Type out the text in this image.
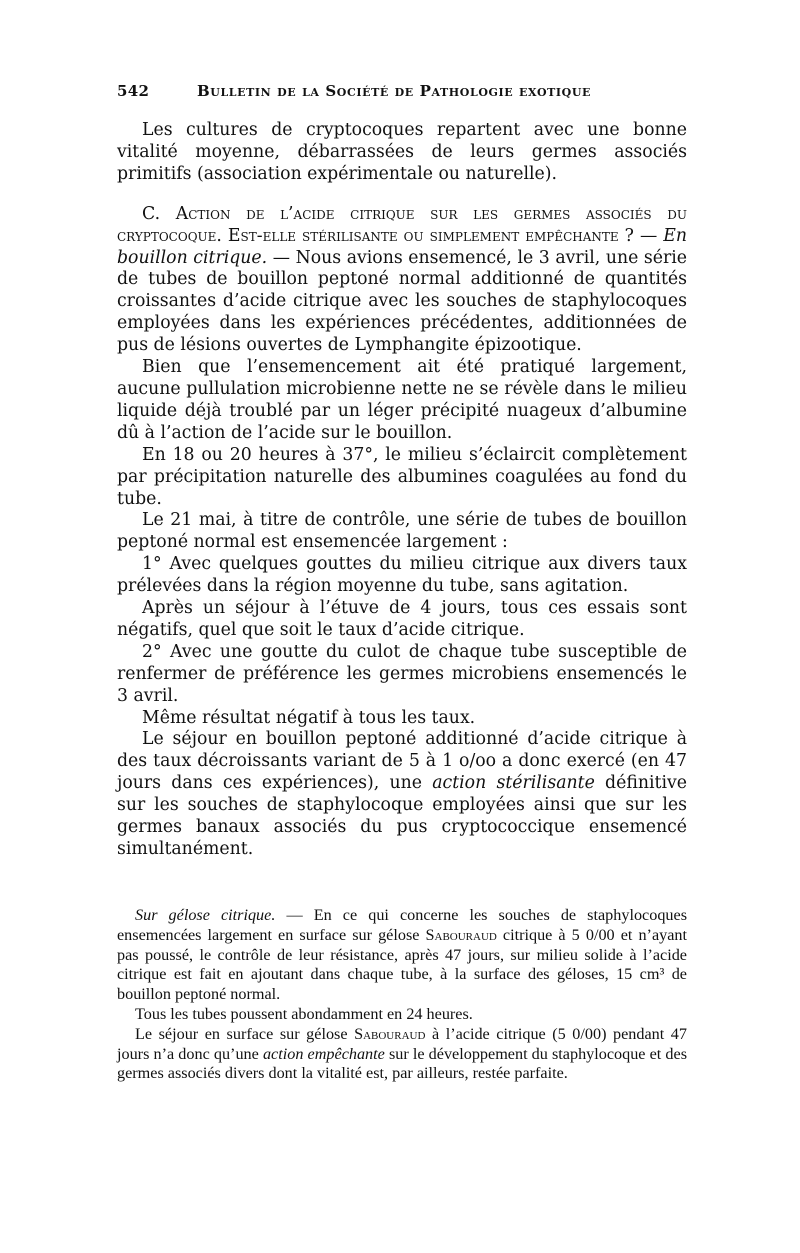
542	Bulletin de la Société de Pathologie exotique

Les cultures de cryptocoques repartent avec une bonne vitalité moyenne, débarrassées de leurs germes associés primitifs (association expérimentale ou naturelle).

C. Action de l’acide citrique sur les germes associés du cryptocoque. Est-elle stérilisante ou simplement empêchante ? — En bouillon citrique. — Nous avions ensemencé, le 3 avril, une série de tubes de bouillon peptoné normal additionné de quantités croissantes d’acide citrique avec les souches de staphylocoques employées dans les expériences précédentes, additionnées de pus de lésions ouvertes de Lymphangite épizootique.

Bien que l’ensemencement ait été pratiqué largement, aucune pullulation microbienne nette ne se révèle dans le milieu liquide déjà troublé par un léger précipité nuageux d’albumine dû à l’action de l’acide sur le bouillon.

En 18 ou 20 heures à 37°, le milieu s’éclaircit complètement par précipitation naturelle des albumines coagulées au fond du tube.

Le 21 mai, à titre de contrôle, une série de tubes de bouillon peptoné normal est ensemencée largement :

1° Avec quelques gouttes du milieu citrique aux divers taux prélevées dans la région moyenne du tube, sans agitation.

Après un séjour à l’étuve de 4 jours, tous ces essais sont négatifs, quel que soit le taux d’acide citrique.

2° Avec une goutte du culot de chaque tube susceptible de renfermer de préférence les germes microbiens ensemencés le 3 avril.

Même résultat négatif à tous les taux.

Le séjour en bouillon peptoné additionné d’acide citrique à des taux décroissants variant de 5 à 1 o/oo a donc exercé (en 47 jours dans ces expériences), une action stérilisante définitive sur les souches de staphylocoque employées ainsi que sur les germes banaux associés du pus cryptococcique ensemencé simultanément.

Sur gélose citrique. — En ce qui concerne les souches de staphylocoques ensemencées largement en surface sur gélose Sabouraud citrique à 5 0/00 et n’ayant pas poussé, le contrôle de leur résistance, après 47 jours, sur milieu solide à l’acide citrique est fait en ajoutant dans chaque tube, à la surface des géloses, 15 cm³ de bouillon peptoné normal.

Tous les tubes poussent abondamment en 24 heures.

Le séjour en surface sur gélose Sabouraud à l’acide citrique (5 0/00) pendant 47 jours n’a donc qu’une action empêchante sur le développement du staphylocoque et des germes associés divers dont la vitalité est, par ailleurs, restée parfaite.
